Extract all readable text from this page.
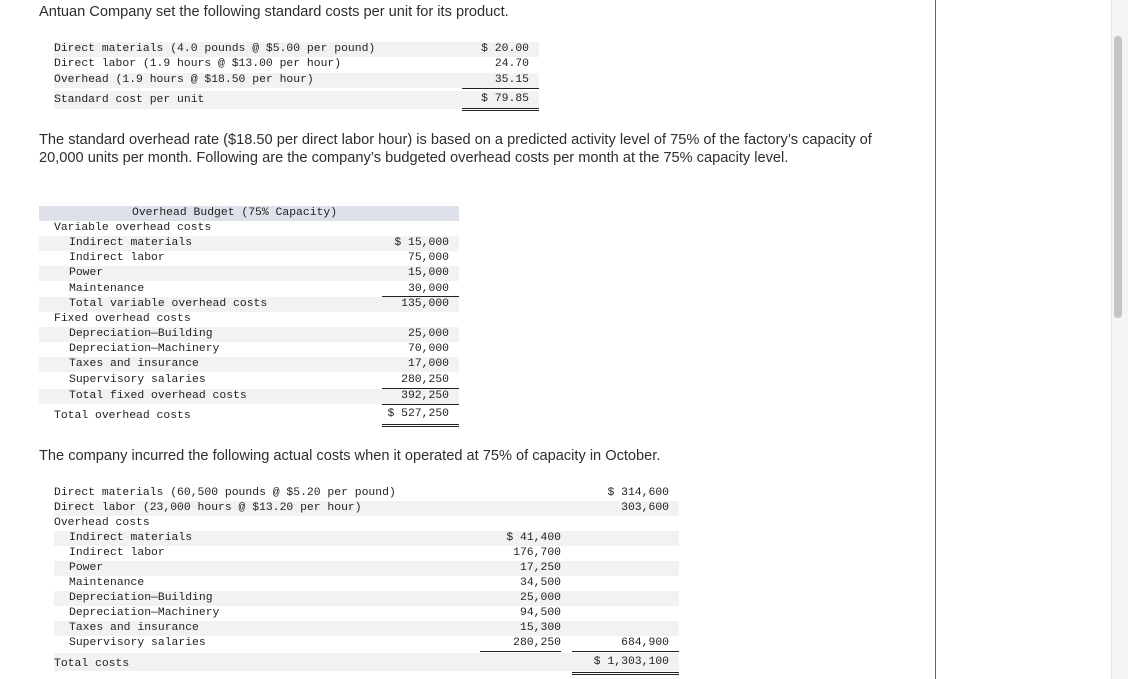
Antuan Company set the following standard costs per unit for its product.
Direct materials (4.0 pounds @ $5.00 per pound)	$ 20.00
Direct labor (1.9 hours @ $13.00 per hour)	24.70
Overhead (1.9 hours @ $18.50 per hour)	35.15
Standard cost per unit	$ 79.85
The standard overhead rate ($18.50 per direct labor hour) is based on a predicted activity level of 75% of the factory’s capacity of 20,000 units per month. Following are the company’s budgeted overhead costs per month at the 75% capacity level.
Overhead Budget (75% Capacity)
Variable overhead costs
Indirect materials	$ 15,000
Indirect labor	75,000
Power	15,000
Maintenance	30,000
Total variable overhead costs	135,000
Fixed overhead costs
Depreciation—Building	25,000
Depreciation—Machinery	70,000
Taxes and insurance	17,000
Supervisory salaries	280,250
Total fixed overhead costs	392,250
Total overhead costs	$ 527,250
The company incurred the following actual costs when it operated at 75% of capacity in October.
Direct materials (60,500 pounds @ $5.20 per pound)	$ 314,600
Direct labor (23,000 hours @ $13.20 per hour)	303,600
Overhead costs
Indirect materials	$ 41,400
Indirect labor	176,700
Power	17,250
Maintenance	34,500
Depreciation—Building	25,000
Depreciation—Machinery	94,500
Taxes and insurance	15,300
Supervisory salaries	280,250	684,900
Total costs	$ 1,303,100
